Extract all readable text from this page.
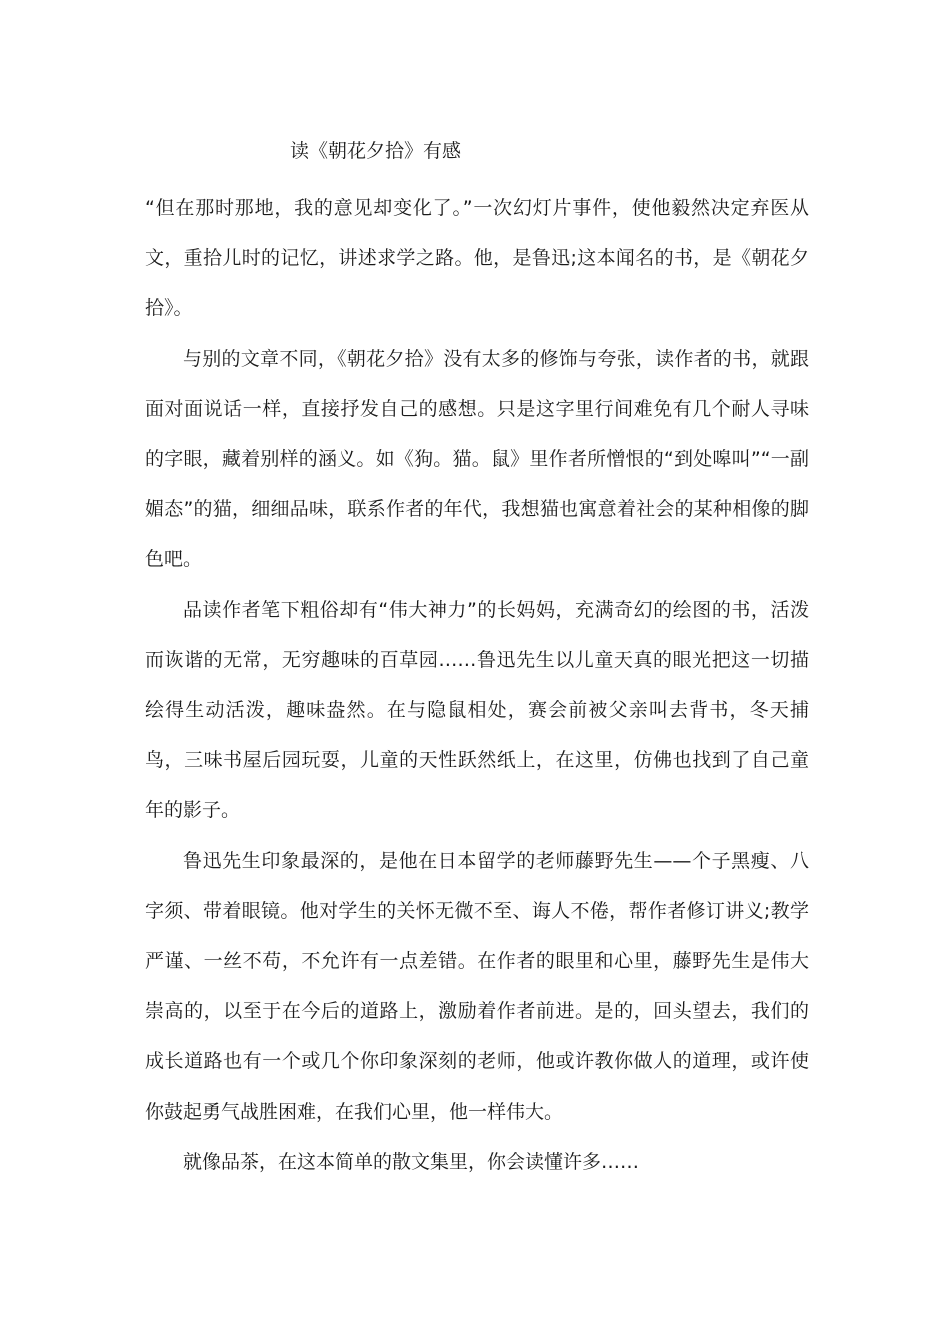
读《朝花夕拾》有感

“但在那时那地，我的意见却变化了。”一次幻灯片事件，使他毅然决定弃医从文，重拾儿时的记忆，讲述求学之路。他，是鲁迅;这本闻名的书，是《朝花夕拾》。

与别的文章不同，《朝花夕拾》没有太多的修饰与夸张，读作者的书，就跟面对面说话一样，直接抒发自己的感想。只是这字里行间难免有几个耐人寻味的字眼，藏着别样的涵义。如《狗。猫。鼠》里作者所憎恨的“到处嗥叫”“一副媚态”的猫，细细品味，联系作者的年代，我想猫也寓意着社会的某种相像的脚色吧。

品读作者笔下粗俗却有“伟大神力”的长妈妈，充满奇幻的绘图的书，活泼而诙谐的无常，无穷趣味的百草园……鲁迅先生以儿童天真的眼光把这一切描绘得生动活泼，趣味盎然。在与隐鼠相处，赛会前被父亲叫去背书，冬天捕鸟，三味书屋后园玩耍，儿童的天性跃然纸上，在这里，仿佛也找到了自己童年的影子。

鲁迅先生印象最深的，是他在日本留学的老师藤野先生——个子黑瘦、八字须、带着眼镜。他对学生的关怀无微不至、诲人不倦，帮作者修订讲义;教学严谨、一丝不苟，不允许有一点差错。在作者的眼里和心里，藤野先生是伟大崇高的，以至于在今后的道路上，激励着作者前进。是的，回头望去，我们的成长道路也有一个或几个你印象深刻的老师，他或许教你做人的道理，或许使你鼓起勇气战胜困难，在我们心里，他一样伟大。

就像品茶，在这本简单的散文集里，你会读懂许多……
